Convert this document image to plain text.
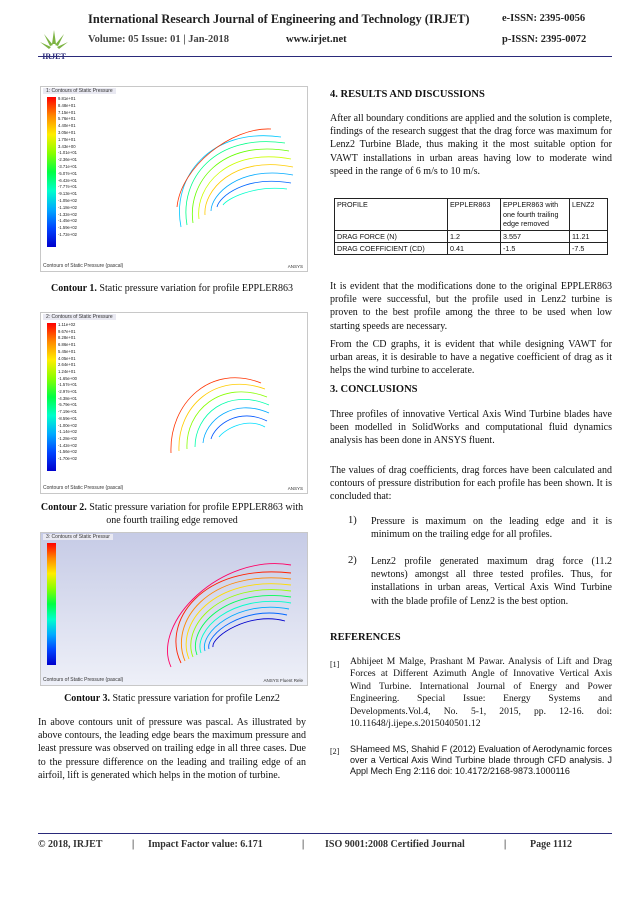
IRJET
International Research Journal of Engineering and Technology (IRJET)	e-ISSN: 2395-0056
Volume: 05 Issue: 01 | Jan-2018	www.irjet.net	p-ISSN: 2395-0072
1: Contours of Static Pressure
9.81e+01
8.48e+01
7.15e+01
5.76e+01
4.40e+01
3.05e+01
1.70e+01
3.43e+00
-1.01e+01
-2.36e+01
-3.71e+01
-5.07e+01
-6.42e+01
-7.77e+01
-9.13e+01
-1.05e+02
-1.18e+02
-1.32e+02
-1.45e+02
-1.59e+02
-1.72e+02
Contours of Static Pressure (pascal)	ANSYS
Contour 1. Static pressure variation for profile EPPLER863
2: Contours of Static Pressure
1.11e+02
9.67e+01
8.28e+01
6.86e+01
5.45e+01
4.05e+01
2.64e+01
1.24e+01
-1.65e+00
-1.57e+01
-2.97e+01
-4.38e+01
-5.79e+01
-7.19e+01
-8.59e+01
-1.00e+02
-1.14e+02
-1.28e+02
-1.42e+02
-1.56e+02
-1.70e+02
Contours of Static Pressure (pascal)	ANSYS
Contour 2. Static pressure variation for profile EPPLER863 with one fourth trailing edge removed
3: Contours of Static Pressur
Contours of Static Pressure (pascal)	ANSYS Fluent Rele
Contour 3. Static pressure variation for profile Lenz2
In above contours unit of pressure was pascal. As illustrated by above contours, the leading edge bears the maximum pressure and least pressure was observed on trailing edge in all three cases. Due to the pressure difference on the leading and trailing edge of an airfoil, lift is generated which helps in the motion of turbine.
4. RESULTS AND DISCUSSIONS
After all boundary conditions are applied and the solution is complete, findings of the research suggest that the drag force was maximum for Lenz2 Turbine Blade, thus making it the most suitable option for VAWT installations in urban areas having low to moderate wind speed in the range of 6 m/s to 10 m/s.
PROFILE	EPPLER863	EPPLER863 with one fourth trailing edge removed	LENZ2
DRAG FORCE (N)	1.2	3.557	11.21
DRAG COEFFICIENT (CD)	0.41	-1.5	-7.5
It is evident that the modifications done to the original EPPLER863 profile were successful, but the profile used in Lenz2 turbine is proven to the best profile among the three to be used when low starting speeds are necessary.
From the CD graphs, it is evident that while designing VAWT for urban areas, it is desirable to have a negative coefficient of drag as it helps the wind turbine to accelerate.
3. CONCLUSIONS
Three profiles of innovative Vertical Axis Wind Turbine blades have been modelled in SolidWorks and computational fluid dynamics analysis has been done in ANSYS fluent.
The values of drag coefficients, drag forces have been calculated and contours of pressure distribution for each profile has been shown. It is concluded that:
1) Pressure is maximum on the leading edge and it is minimum on the trailing edge for all profiles.
2) Lenz2 profile generated maximum drag force (11.2 newtons) amongst all three tested profiles. Thus, for installations in urban areas, Vertical Axis Wind Turbine with the blade profile of Lenz2 is the best option.
REFERENCES
[1] Abhijeet M Malge, Prashant M Pawar. Analysis of Lift and Drag Forces at Different Azimuth Angle of Innovative Vertical Axis Wind Turbine. International Journal of Energy and Power Engineering. Special Issue: Energy Systems and Developments.Vol.4, No. 5-1, 2015, pp. 12-16. doi: 10.11648/j.ijepe.s.2015040501.12
[2] SHameed MS, Shahid F (2012) Evaluation of Aerodynamic forces over a Vertical Axis Wind Turbine blade through CFD analysis. J Appl Mech Eng 2:116 doi: 10.4172/2168-9873.1000116
© 2018, IRJET	| Impact Factor value: 6.171	| ISO 9001:2008 Certified Journal	| Page 1112
